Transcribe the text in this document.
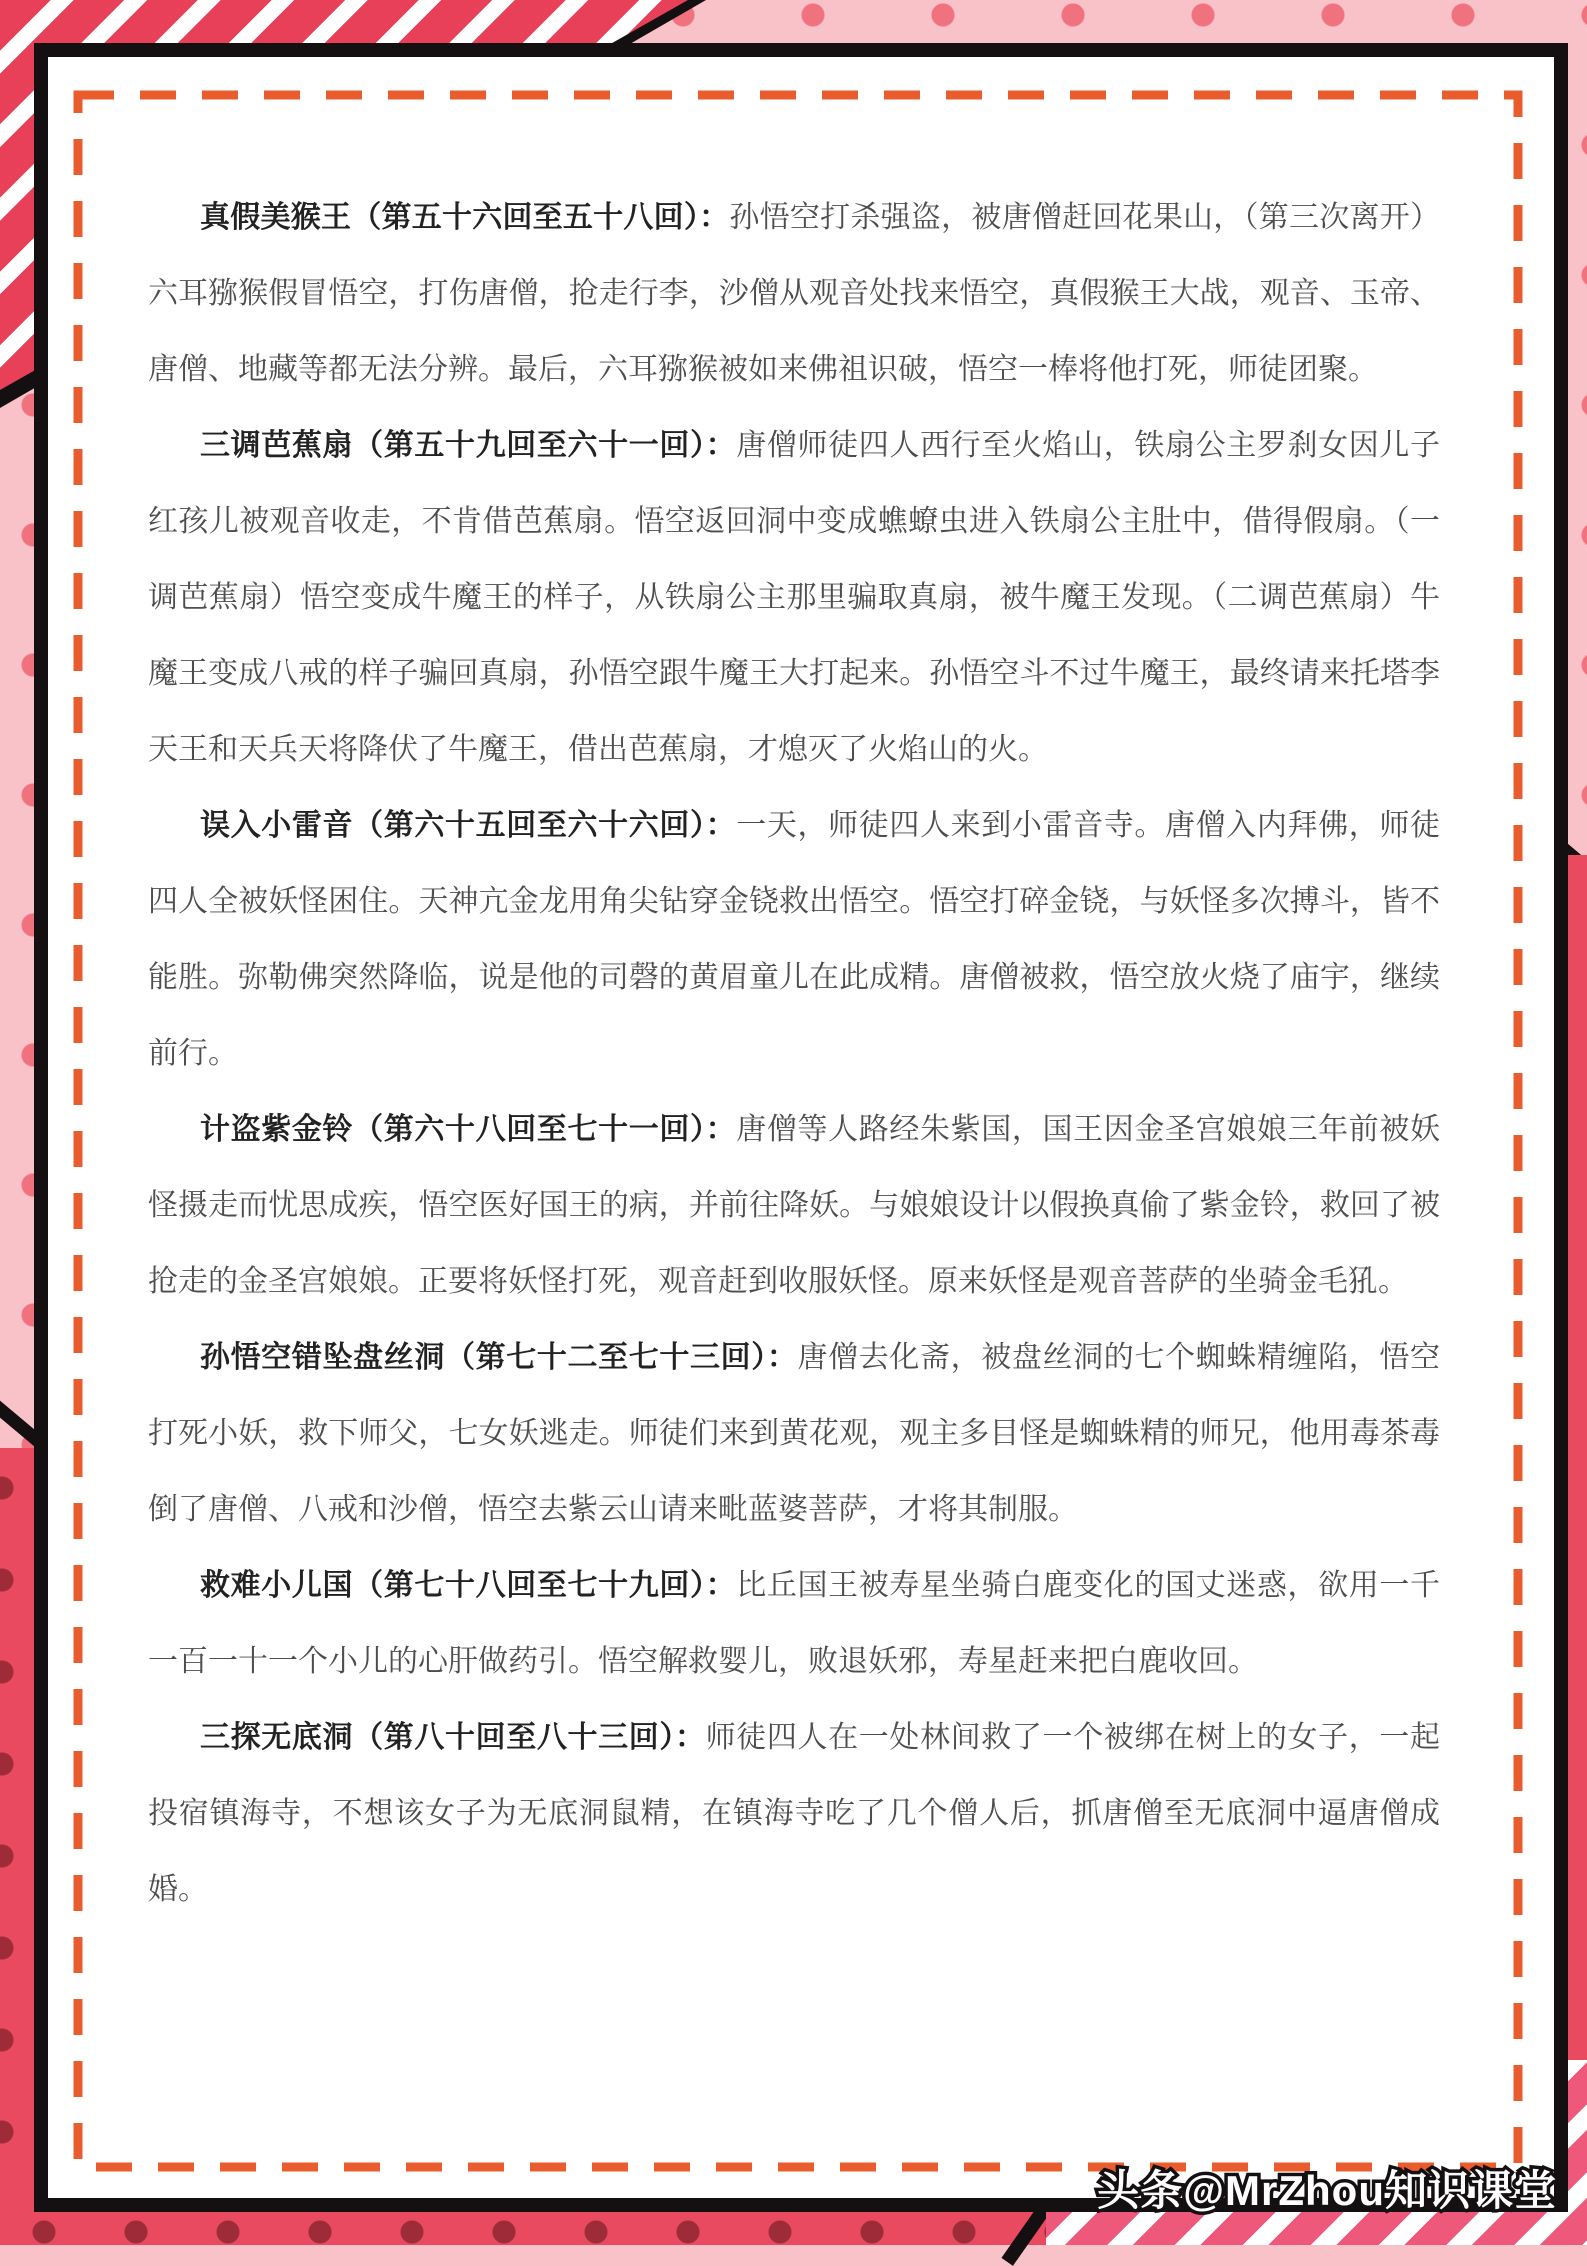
真假美猴王（第五十六回至五十八回）：孙悟空打杀强盗，被唐僧赶回花果山，（第三次离开）六耳猕猴假冒悟空，打伤唐僧，抢走行李，沙僧从观音处找来悟空，真假猴王大战，观音、玉帝、唐僧、地藏等都无法分辨。最后，六耳猕猴被如来佛祖识破，悟空一棒将他打死，师徒团聚。

三调芭蕉扇（第五十九回至六十一回）：唐僧师徒四人西行至火焰山，铁扇公主罗刹女因儿子红孩儿被观音收走，不肯借芭蕉扇。悟空返回洞中变成蟭蟟虫进入铁扇公主肚中，借得假扇。（一调芭蕉扇）悟空变成牛魔王的样子，从铁扇公主那里骗取真扇，被牛魔王发现。（二调芭蕉扇）牛魔王变成八戒的样子骗回真扇，孙悟空跟牛魔王大打起来。孙悟空斗不过牛魔王，最终请来托塔李天王和天兵天将降伏了牛魔王，借出芭蕉扇，才熄灭了火焰山的火。

误入小雷音（第六十五回至六十六回）：一天，师徒四人来到小雷音寺。唐僧入内拜佛，师徒四人全被妖怪困住。天神亢金龙用角尖钻穿金铙救出悟空。悟空打碎金铙，与妖怪多次搏斗，皆不能胜。弥勒佛突然降临，说是他的司磬的黄眉童儿在此成精。唐僧被救，悟空放火烧了庙宇，继续前行。

计盗紫金铃（第六十八回至七十一回）：唐僧等人路经朱紫国，国王因金圣宫娘娘三年前被妖怪摄走而忧思成疾，悟空医好国王的病，并前往降妖。与娘娘设计以假换真偷了紫金铃，救回了被抢走的金圣宫娘娘。正要将妖怪打死，观音赶到收服妖怪。原来妖怪是观音菩萨的坐骑金毛犼。

孙悟空错坠盘丝洞（第七十二至七十三回）：唐僧去化斋，被盘丝洞的七个蜘蛛精缠陷，悟空打死小妖，救下师父，七女妖逃走。师徒们来到黄花观，观主多目怪是蜘蛛精的师兄，他用毒茶毒倒了唐僧、八戒和沙僧，悟空去紫云山请来毗蓝婆菩萨，才将其制服。

救难小儿国（第七十八回至七十九回）：比丘国王被寿星坐骑白鹿变化的国丈迷惑，欲用一千一百一十一个小儿的心肝做药引。悟空解救婴儿，败退妖邪，寿星赶来把白鹿收回。

三探无底洞（第八十回至八十三回）：师徒四人在一处林间救了一个被绑在树上的女子，一起投宿镇海寺，不想该女子为无底洞鼠精，在镇海寺吃了几个僧人后，抓唐僧至无底洞中逼唐僧成婚。

头条@MrZhou知识课堂
